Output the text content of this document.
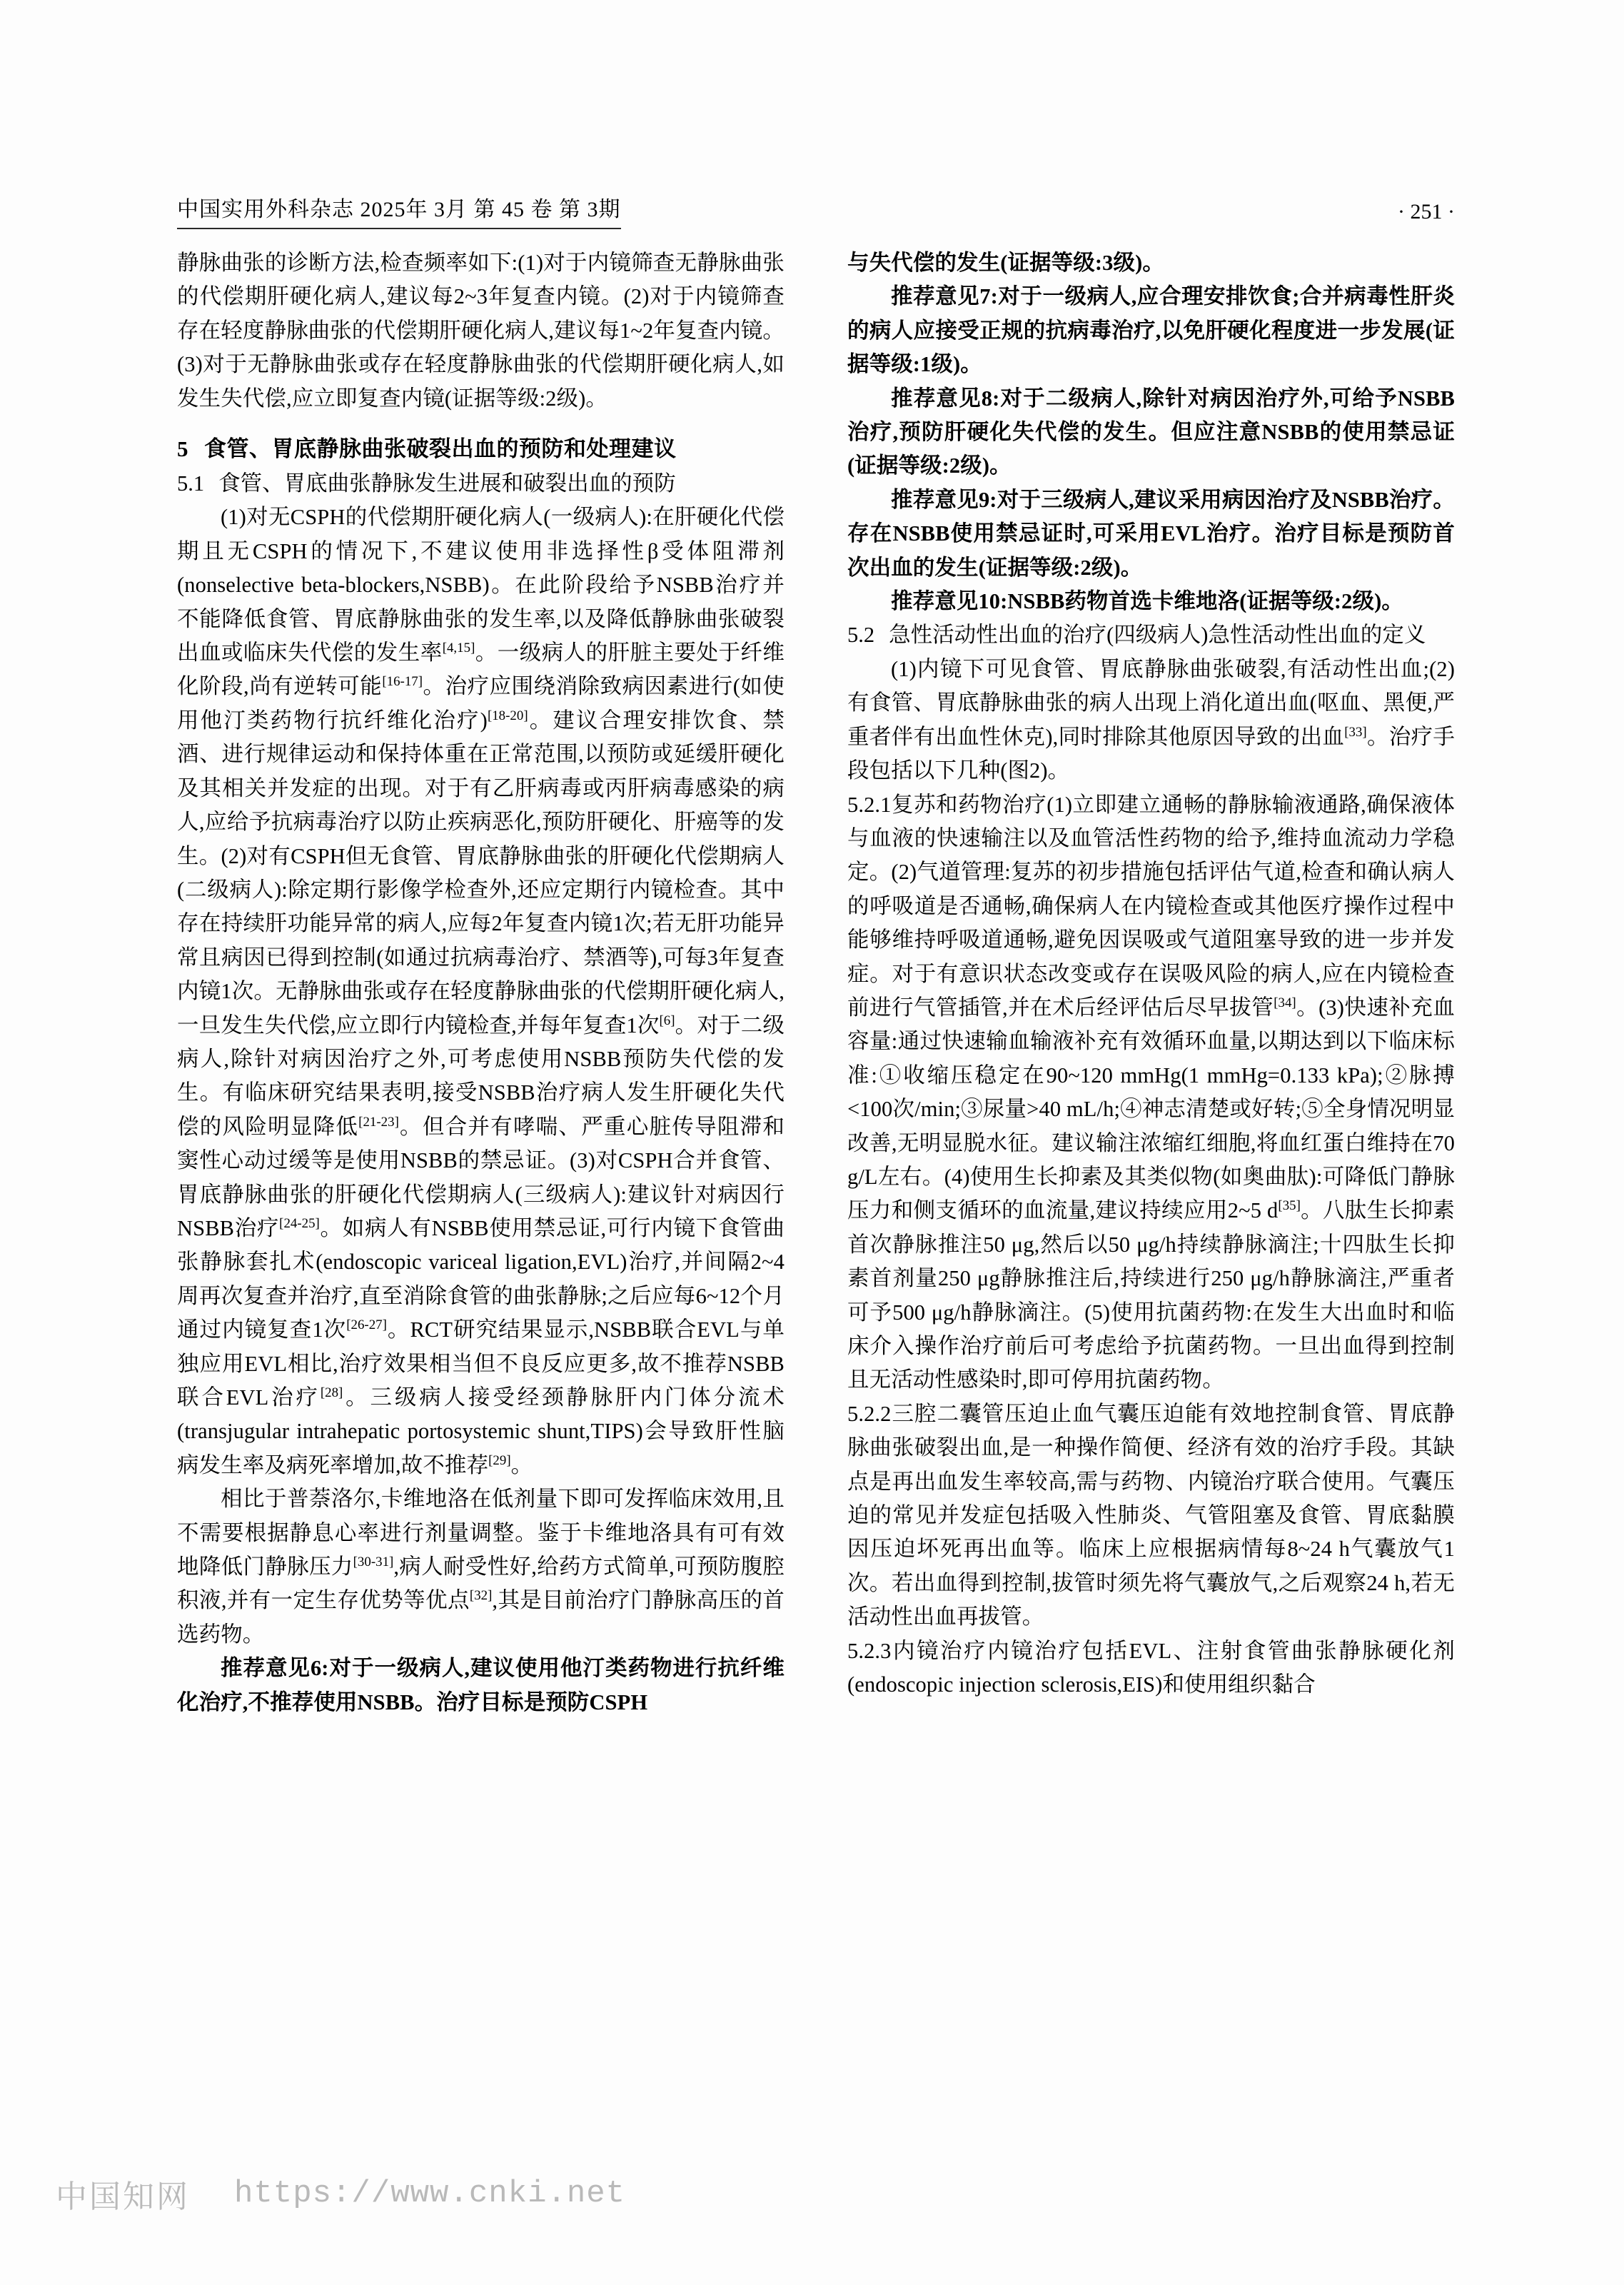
中国实用外科杂志 2025年 3月 第 45 卷 第 3期	· 251 ·

静脉曲张的诊断方法,检查频率如下:(1)对于内镜筛查无静脉曲张的代偿期肝硬化病人,建议每2~3年复查内镜。(2)对于内镜筛查存在轻度静脉曲张的代偿期肝硬化病人,建议每1~2年复查内镜。(3)对于无静脉曲张或存在轻度静脉曲张的代偿期肝硬化病人,如发生失代偿,应立即复查内镜(证据等级:2级)。

5 食管、胃底静脉曲张破裂出血的预防和处理建议

5.1 食管、胃底曲张静脉发生进展和破裂出血的预防

(1)对无CSPH的代偿期肝硬化病人(一级病人):在肝硬化代偿期且无CSPH的情况下,不建议使用非选择性β受体阻滞剂(nonselective beta-blockers,NSBB)。在此阶段给予NSBB治疗并不能降低食管、胃底静脉曲张的发生率,以及降低静脉曲张破裂出血或临床失代偿的发生率[4,15]。一级病人的肝脏主要处于纤维化阶段,尚有逆转可能[16-17]。治疗应围绕消除致病因素进行(如使用他汀类药物行抗纤维化治疗)[18-20]。建议合理安排饮食、禁酒、进行规律运动和保持体重在正常范围,以预防或延缓肝硬化及其相关并发症的出现。对于有乙肝病毒或丙肝病毒感染的病人,应给予抗病毒治疗以防止疾病恶化,预防肝硬化、肝癌等的发生。(2)对有CSPH但无食管、胃底静脉曲张的肝硬化代偿期病人(二级病人):除定期行影像学检查外,还应定期行内镜检查。其中存在持续肝功能异常的病人,应每2年复查内镜1次;若无肝功能异常且病因已得到控制(如通过抗病毒治疗、禁酒等),可每3年复查内镜1次。无静脉曲张或存在轻度静脉曲张的代偿期肝硬化病人,一旦发生失代偿,应立即行内镜检查,并每年复查1次[6]。对于二级病人,除针对病因治疗之外,可考虑使用NSBB预防失代偿的发生。有临床研究结果表明,接受NSBB治疗病人发生肝硬化失代偿的风险明显降低[21-23]。但合并有哮喘、严重心脏传导阻滞和窦性心动过缓等是使用NSBB的禁忌证。(3)对CSPH合并食管、胃底静脉曲张的肝硬化代偿期病人(三级病人):建议针对病因行NSBB治疗[24-25]。如病人有NSBB使用禁忌证,可行内镜下食管曲张静脉套扎术(endoscopic variceal ligation,EVL)治疗,并间隔2~4周再次复查并治疗,直至消除食管的曲张静脉;之后应每6~12个月通过内镜复查1次[26-27]。RCT研究结果显示,NSBB联合EVL与单独应用EVL相比,治疗效果相当但不良反应更多,故不推荐NSBB联合EVL治疗[28]。三级病人接受经颈静脉肝内门体分流术(transjugular intrahepatic portosystemic shunt,TIPS)会导致肝性脑病发生率及病死率增加,故不推荐[29]。

相比于普萘洛尔,卡维地洛在低剂量下即可发挥临床效用,且不需要根据静息心率进行剂量调整。鉴于卡维地洛具有可有效地降低门静脉压力[30-31],病人耐受性好,给药方式简单,可预防腹腔积液,并有一定生存优势等优点[32],其是目前治疗门静脉高压的首选药物。

推荐意见6:对于一级病人,建议使用他汀类药物进行抗纤维化治疗,不推荐使用NSBB。治疗目标是预防CSPH

与失代偿的发生(证据等级:3级)。

推荐意见7:对于一级病人,应合理安排饮食;合并病毒性肝炎的病人应接受正规的抗病毒治疗,以免肝硬化程度进一步发展(证据等级:1级)。

推荐意见8:对于二级病人,除针对病因治疗外,可给予NSBB治疗,预防肝硬化失代偿的发生。但应注意NSBB的使用禁忌证(证据等级:2级)。

推荐意见9:对于三级病人,建议采用病因治疗及NSBB治疗。存在NSBB使用禁忌证时,可采用EVL治疗。治疗目标是预防首次出血的发生(证据等级:2级)。

推荐意见10:NSBB药物首选卡维地洛(证据等级:2级)。

5.2 急性活动性出血的治疗(四级病人)急性活动性出血的定义

(1)内镜下可见食管、胃底静脉曲张破裂,有活动性出血;(2)有食管、胃底静脉曲张的病人出现上消化道出血(呕血、黑便,严重者伴有出血性休克),同时排除其他原因导致的出血[33]。治疗手段包括以下几种(图2)。

5.2.1复苏和药物治疗(1)立即建立通畅的静脉输液通路,确保液体与血液的快速输注以及血管活性药物的给予,维持血流动力学稳定。(2)气道管理:复苏的初步措施包括评估气道,检查和确认病人的呼吸道是否通畅,确保病人在内镜检查或其他医疗操作过程中能够维持呼吸道通畅,避免因误吸或气道阻塞导致的进一步并发症。对于有意识状态改变或存在误吸风险的病人,应在内镜检查前进行气管插管,并在术后经评估后尽早拔管[34]。(3)快速补充血容量:通过快速输血输液补充有效循环血量,以期达到以下临床标准:①收缩压稳定在90~120 mmHg(1 mmHg=0.133 kPa);②脉搏<100次/min;③尿量>40 mL/h;④神志清楚或好转;⑤全身情况明显改善,无明显脱水征。建议输注浓缩红细胞,将血红蛋白维持在70 g/L左右。(4)使用生长抑素及其类似物(如奥曲肽):可降低门静脉压力和侧支循环的血流量,建议持续应用2~5 d[35]。八肽生长抑素首次静脉推注50 μg,然后以50 μg/h持续静脉滴注;十四肽生长抑素首剂量250 μg静脉推注后,持续进行250 μg/h静脉滴注,严重者可予500 μg/h静脉滴注。(5)使用抗菌药物:在发生大出血时和临床介入操作治疗前后可考虑给予抗菌药物。一旦出血得到控制且无活动性感染时,即可停用抗菌药物。

5.2.2三腔二囊管压迫止血气囊压迫能有效地控制食管、胃底静脉曲张破裂出血,是一种操作简便、经济有效的治疗手段。其缺点是再出血发生率较高,需与药物、内镜治疗联合使用。气囊压迫的常见并发症包括吸入性肺炎、气管阻塞及食管、胃底黏膜因压迫坏死再出血等。临床上应根据病情每8~24 h气囊放气1次。若出血得到控制,拔管时须先将气囊放气,之后观察24 h,若无活动性出血再拔管。

5.2.3内镜治疗内镜治疗包括EVL、注射食管曲张静脉硬化剂(endoscopic injection sclerosis,EIS)和使用组织黏合

中国知网 https://www.cnki.net
